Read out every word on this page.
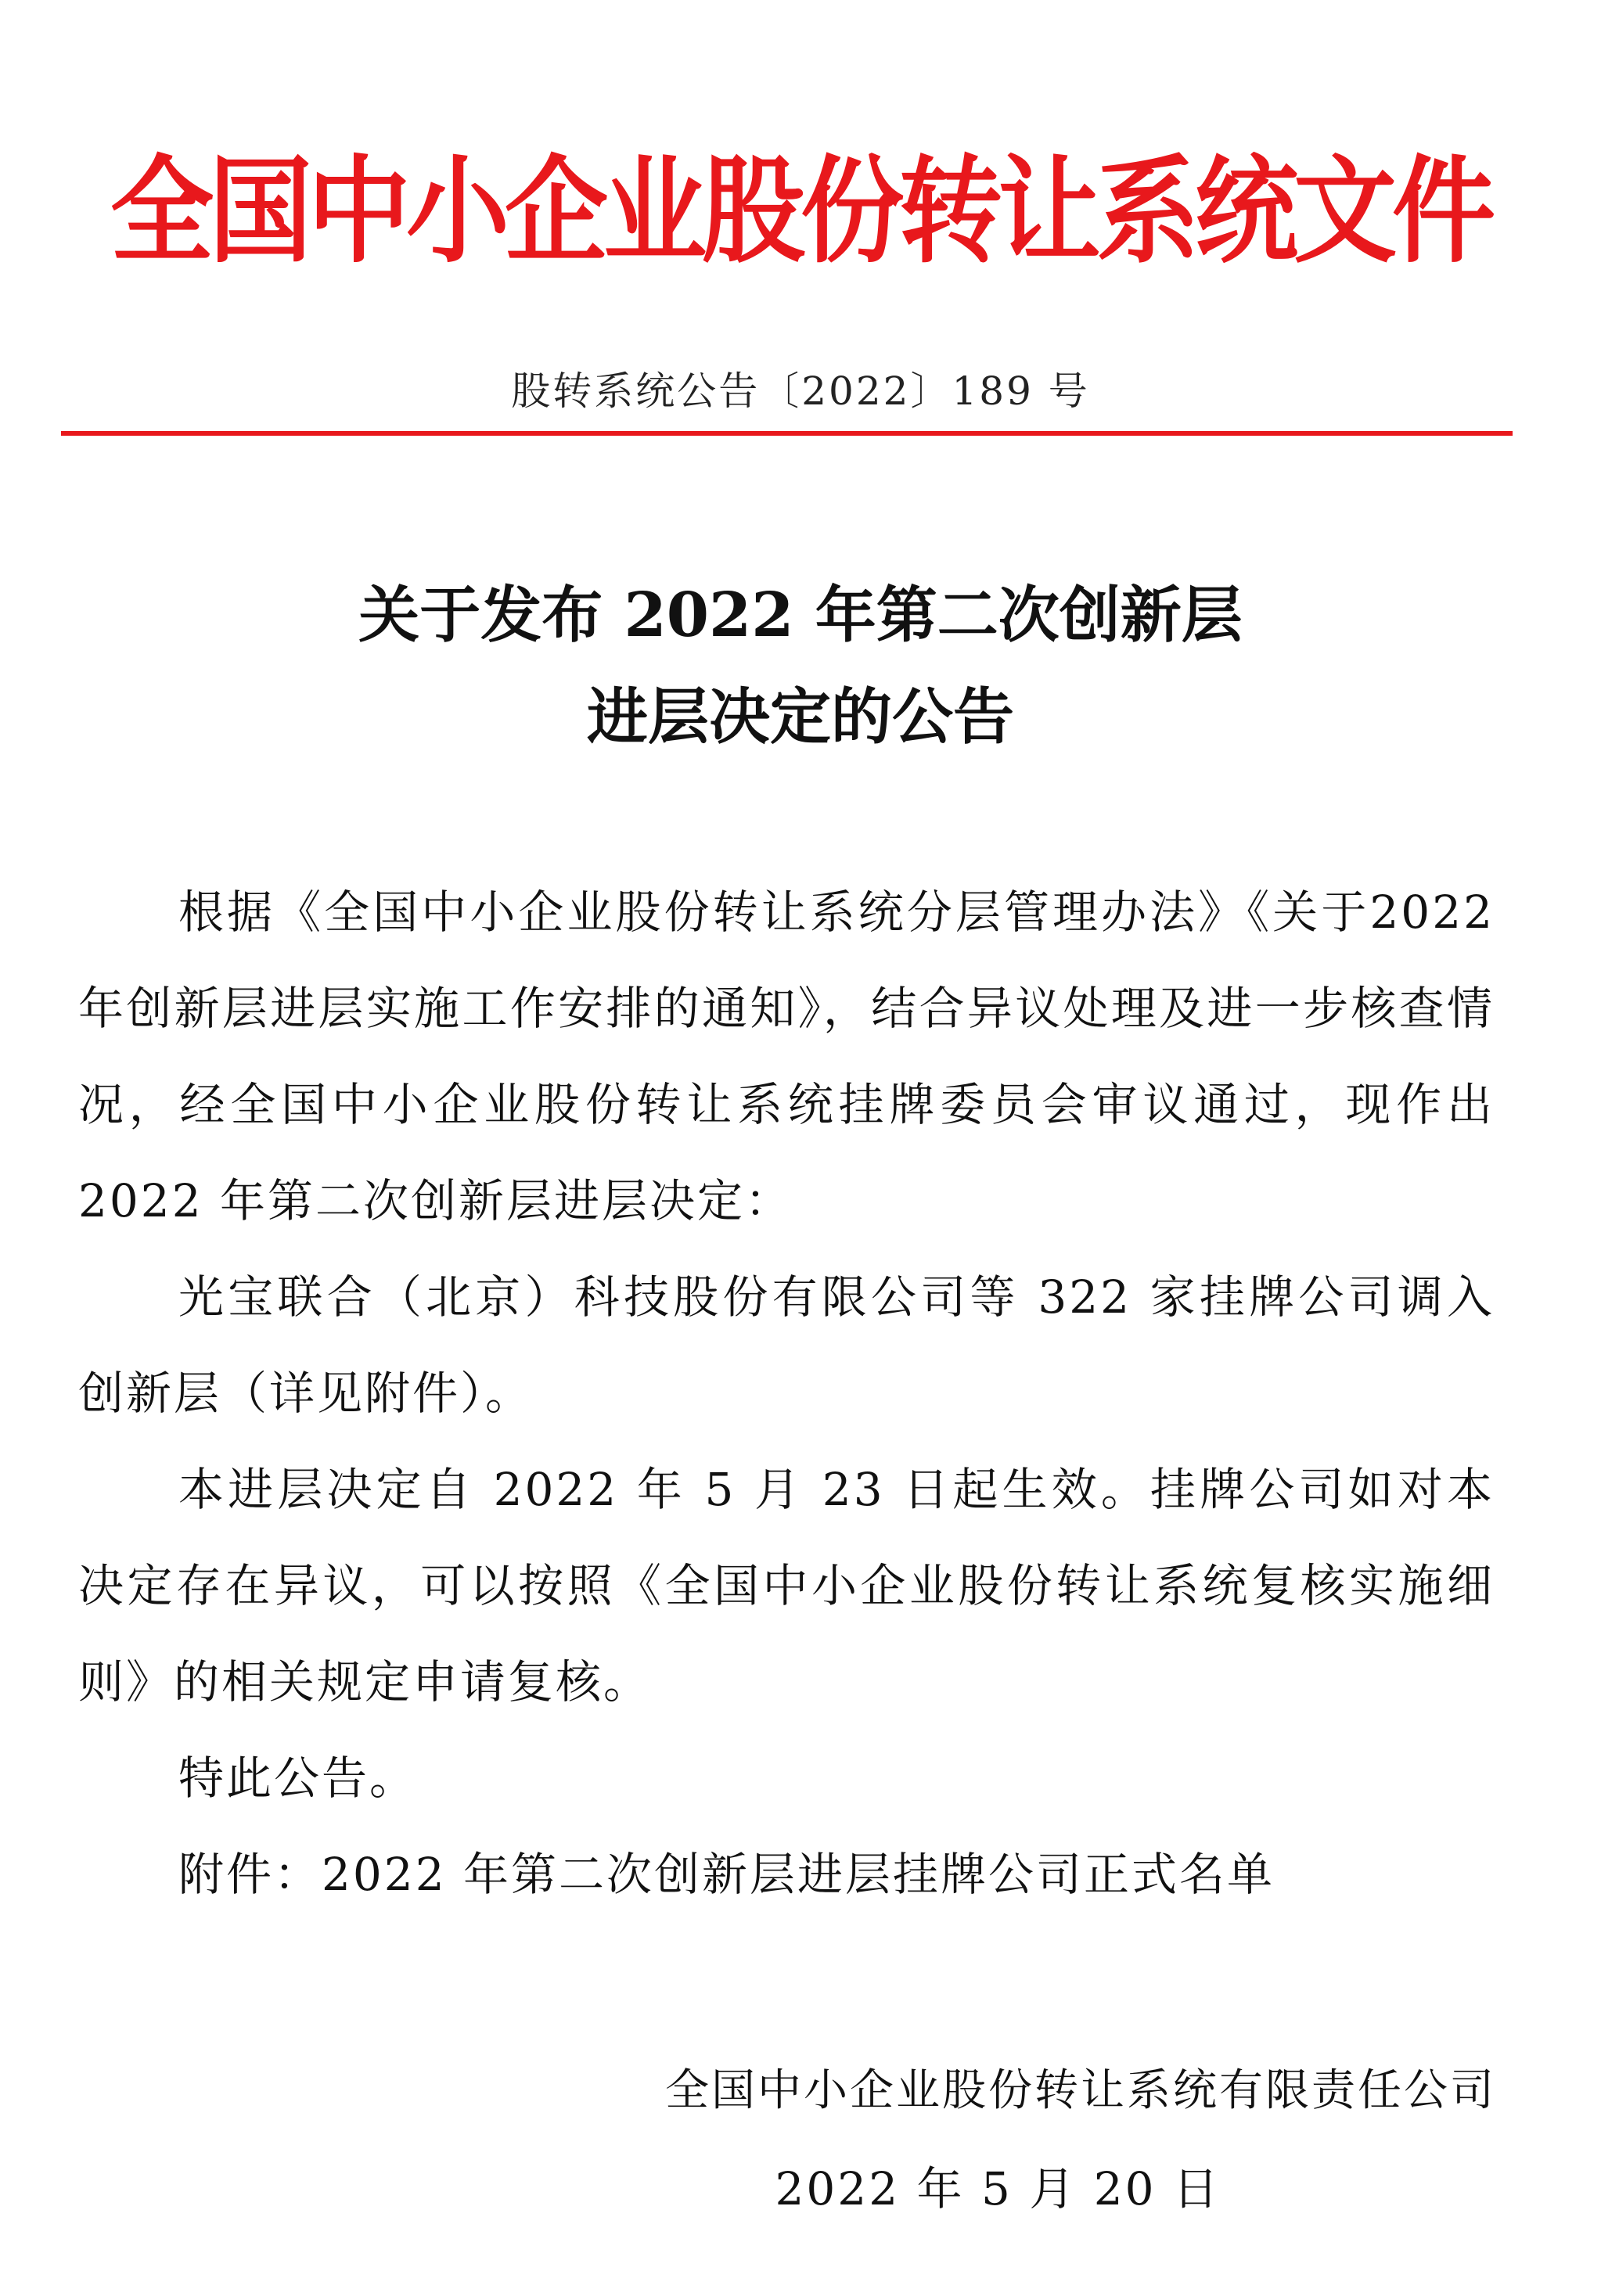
全国中小企业股份转让系统文件
股转系统公告〔2022〕189 号
关于发布 2022 年第二次创新层
进层决定的公告

根据《全国中小企业股份转让系统分层管理办法》《关于2022 年创新层进层实施工作安排的通知》，结合异议处理及进一步核查情况，经全国中小企业股份转让系统挂牌委员会审议通过，现作出 2022 年第二次创新层进层决定：

光宝联合（北京）科技股份有限公司等 322 家挂牌公司调入创新层（详见附件）。

本进层决定自 2022 年 5 月 23 日起生效。挂牌公司如对本决定存在异议，可以按照《全国中小企业股份转让系统复核实施细则》的相关规定申请复核。

特此公告。

附件：2022 年第二次创新层进层挂牌公司正式名单

全国中小企业股份转让系统有限责任公司
2022 年 5 月 20 日
